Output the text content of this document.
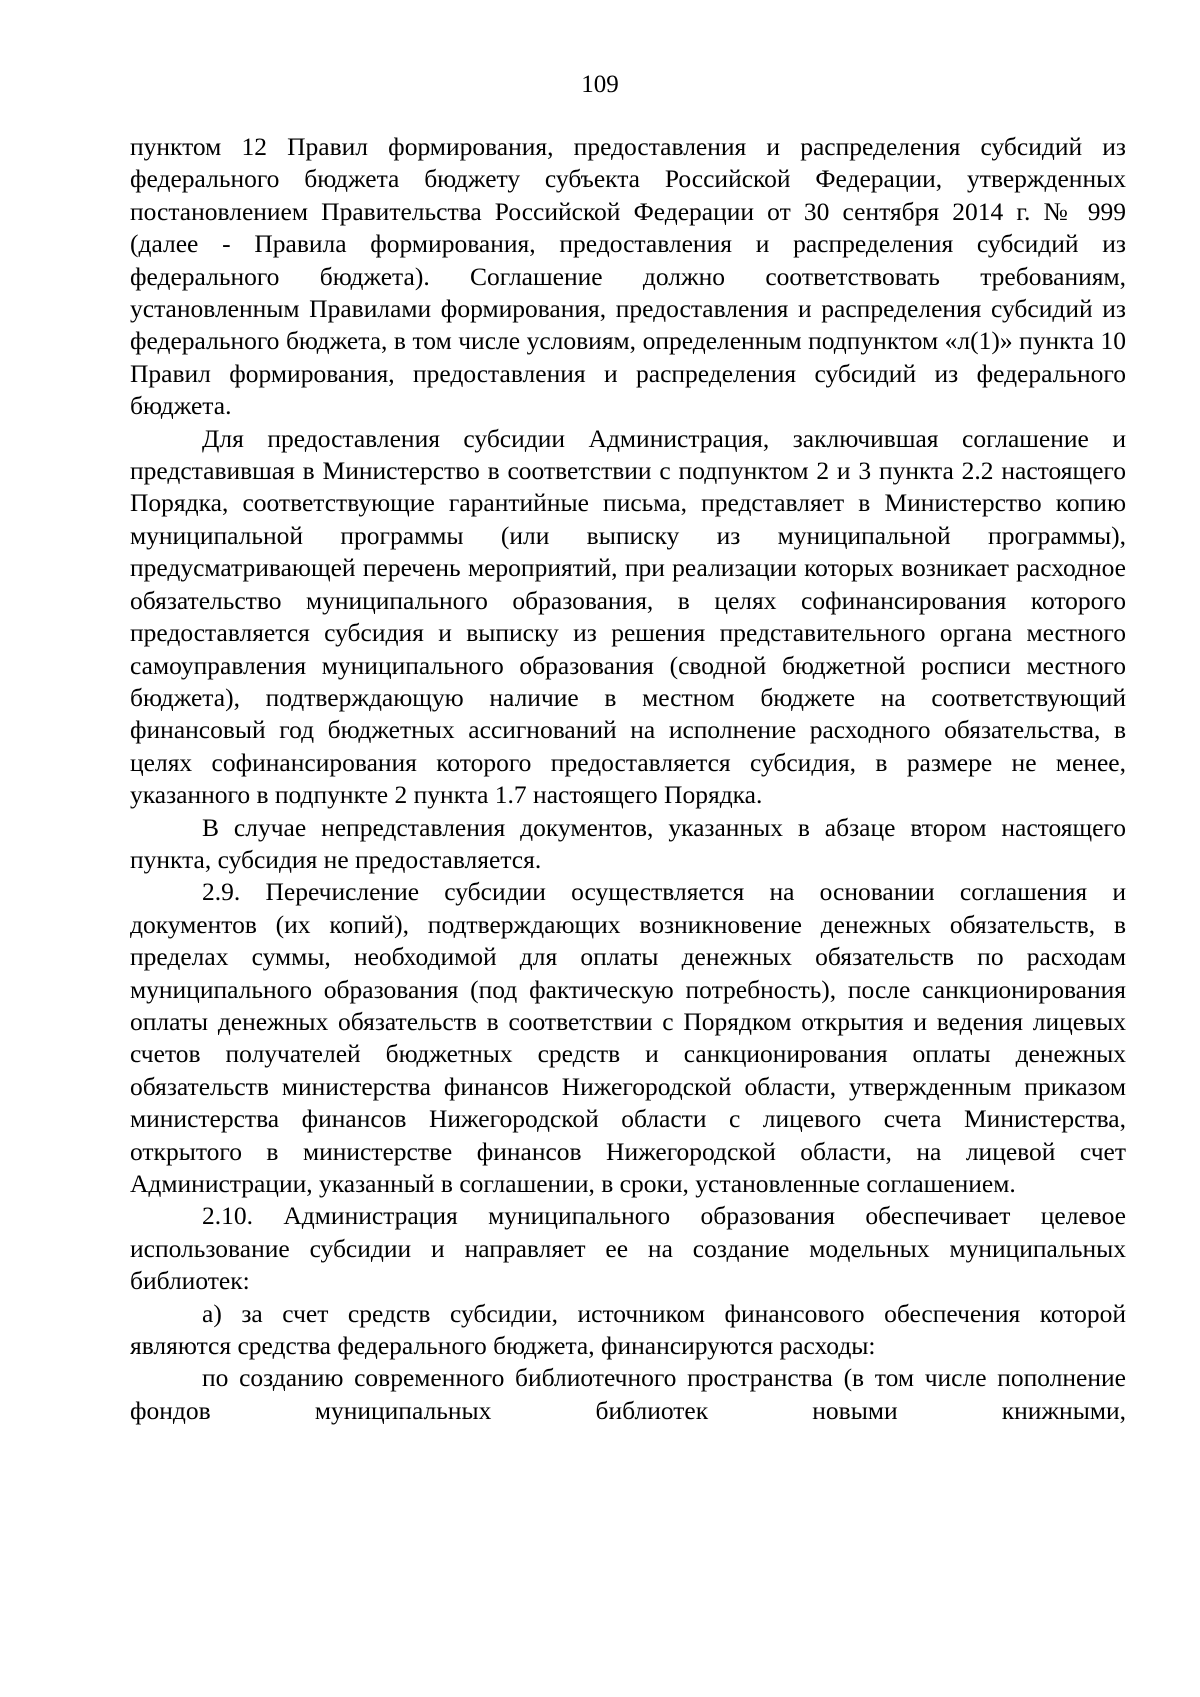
109

пунктом 12 Правил формирования, предоставления и распределения субсидий из федерального бюджета бюджету субъекта Российской Федерации, утвержденных постановлением Правительства Российской Федерации от 30 сентября 2014 г. № 999 (далее - Правила формирования, предоставления и распределения субсидий из федерального бюджета). Соглашение должно соответствовать требованиям, установленным Правилами формирования, предоставления и распределения субсидий из федерального бюджета, в том числе условиям, определенным подпунктом «л(1)» пункта 10 Правил формирования, предоставления и распределения субсидий из федерального бюджета.

Для предоставления субсидии Администрация, заключившая соглашение и представившая в Министерство в соответствии с подпунктом 2 и 3 пункта 2.2 настоящего Порядка, соответствующие гарантийные письма, представляет в Министерство копию муниципальной программы (или выписку из муниципальной программы), предусматривающей перечень мероприятий, при реализации которых возникает расходное обязательство муниципального образования, в целях софинансирования которого предоставляется субсидия и выписку из решения представительного органа местного самоуправления муниципального образования (сводной бюджетной росписи местного бюджета), подтверждающую наличие в местном бюджете на соответствующий финансовый год бюджетных ассигнований на исполнение расходного обязательства, в целях софинансирования которого предоставляется субсидия, в размере не менее, указанного в подпункте 2 пункта 1.7 настоящего Порядка.

В случае непредставления документов, указанных в абзаце втором настоящего пункта, субсидия не предоставляется.

2.9. Перечисление субсидии осуществляется на основании соглашения и документов (их копий), подтверждающих возникновение денежных обязательств, в пределах суммы, необходимой для оплаты денежных обязательств по расходам муниципального образования (под фактическую потребность), после санкционирования оплаты денежных обязательств в соответствии с Порядком открытия и ведения лицевых счетов получателей бюджетных средств и санкционирования оплаты денежных обязательств министерства финансов Нижегородской области, утвержденным приказом министерства финансов Нижегородской области с лицевого счета Министерства, открытого в министерстве финансов Нижегородской области, на лицевой счет Администрации, указанный в соглашении, в сроки, установленные соглашением.

2.10. Администрация муниципального образования обеспечивает целевое использование субсидии и направляет ее на создание модельных муниципальных библиотек:

а) за счет средств субсидии, источником финансового обеспечения которой являются средства федерального бюджета, финансируются расходы:

по созданию современного библиотечного пространства (в том числе пополнение фондов муниципальных библиотек новыми книжными,
